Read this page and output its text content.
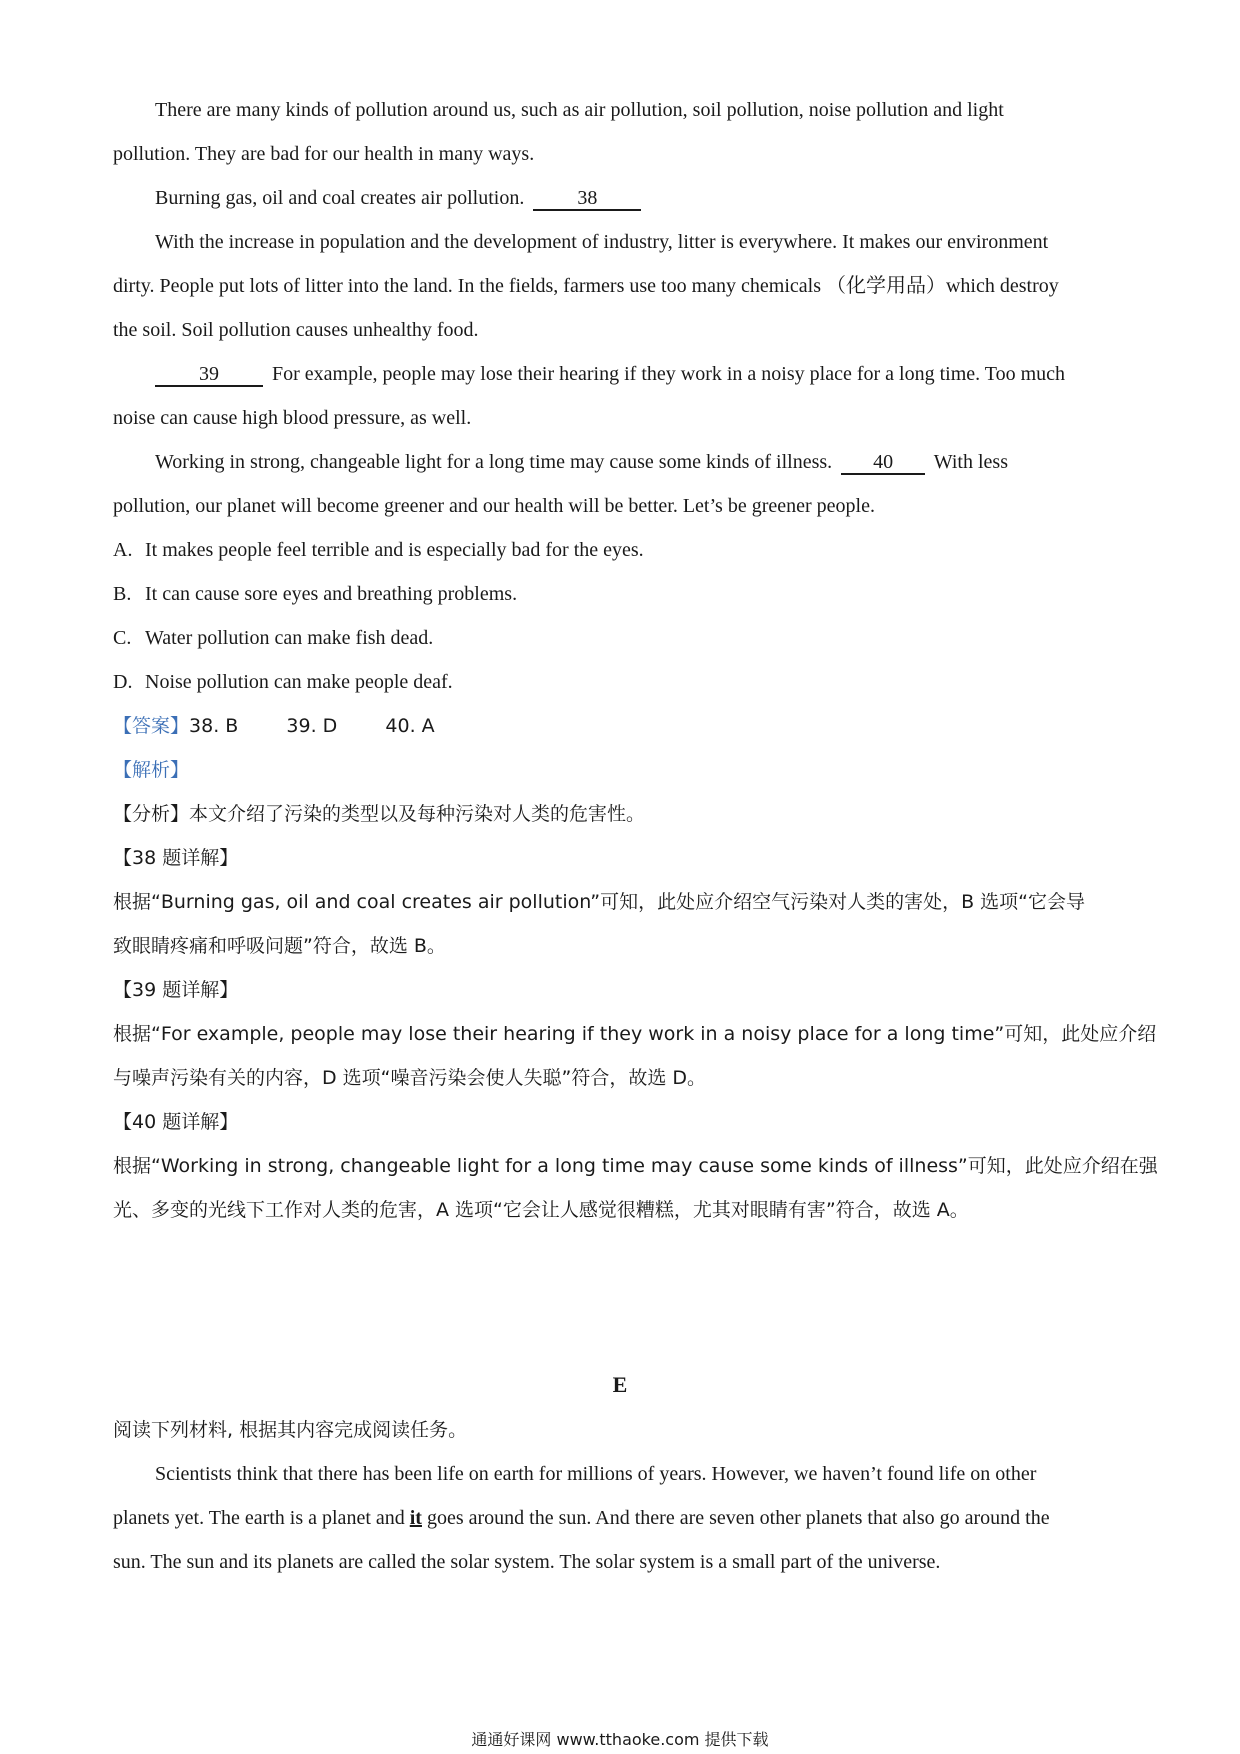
There are many kinds of pollution around us, such as air pollution, soil pollution, noise pollution and light
pollution. They are bad for our health in many ways.
Burning gas, oil and coal creates air pollution.	38
With the increase in population and the development of industry, litter is everywhere. It makes our environment
dirty. People put lots of litter into the land. In the fields, farmers use too many chemicals （化学用品）which destroy
the soil. Soil pollution causes unhealthy food.
39	For example, people may lose their hearing if they work in a noisy place for a long time. Too much
noise can cause high blood pressure, as well.
Working in strong, changeable light for a long time may cause some kinds of illness. 40 With less
pollution, our planet will become greener and our health will be better. Let’s be greener people.
A. It makes people feel terrible and is especially bad for the eyes.
B. It can cause sore eyes and breathing problems.
C. Water pollution can make fish dead.
D. Noise pollution can make people deaf.
【答案】38. B	39. D	40. A
【解析】
【分析】本文介绍了污染的类型以及每种污染对人类的危害性。
【38 题详解】
根据“Burning gas, oil and coal creates air pollution”可知，此处应介绍空气污染对人类的害处，B 选项“它会导
致眼睛疼痛和呼吸问题”符合，故选 B。
【39 题详解】
根据“For example, people may lose their hearing if they work in a noisy place for a long time”可知，此处应介绍
与噪声污染有关的内容，D 选项“噪音污染会使人失聪”符合，故选 D。
【40 题详解】
根据“Working in strong, changeable light for a long time may cause some kinds of illness”可知，此处应介绍在强
光、多变的光线下工作对人类的危害，A 选项“它会让人感觉很糟糕，尤其对眼睛有害”符合，故选 A。
E
阅读下列材料, 根据其内容完成阅读任务。
Scientists think that there has been life on earth for millions of years. However, we haven’t found life on other
planets yet. The earth is a planet and it goes around the sun. And there are seven other planets that also go around the
sun. The sun and its planets are called the solar system. The solar system is a small part of the universe.
通通好课网 www.tthaoke.com 提供下载
